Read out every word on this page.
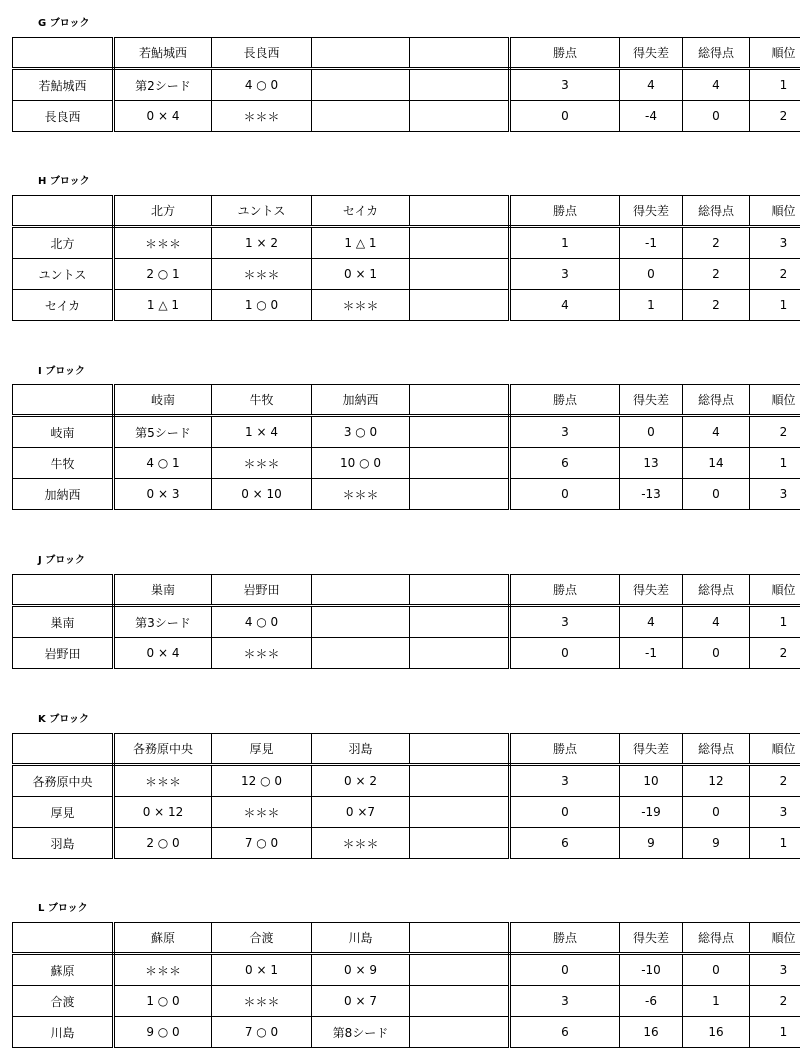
G ブロック
	若鮎城西	長良西			勝点	得失差	総得点	順位
若鮎城西	第2シード	4 ○ 0			3	4	4	1
長良西	0 × 4	＊＊＊			0	-4	0	2
H ブロック
	北方	ユントス	セイカ		勝点	得失差	総得点	順位
北方	＊＊＊	1 × 2	1 △ 1		1	-1	2	3
ユントス	2 ○ 1	＊＊＊	0 × 1		3	0	2	2
セイカ	1 △ 1	1 ○ 0	＊＊＊		4	1	2	1
I ブロック
	岐南	牛牧	加納西		勝点	得失差	総得点	順位
岐南	第5シード	1 × 4	3 ○ 0		3	0	4	2
牛牧	4 ○ 1	＊＊＊	10 ○ 0		6	13	14	1
加納西	0 × 3	0 × 10	＊＊＊		0	-13	0	3
J ブロック
	巣南	岩野田			勝点	得失差	総得点	順位
巣南	第3シード	4 ○ 0			3	4	4	1
岩野田	0 × 4	＊＊＊			0	-1	0	2
K ブロック
	各務原中央	厚見	羽島		勝点	得失差	総得点	順位
各務原中央	＊＊＊	12 ○ 0	0 × 2		3	10	12	2
厚見	0 × 12	＊＊＊	0 ×7		0	-19	0	3
羽島	2 ○ 0	7 ○ 0	＊＊＊		6	9	9	1
L ブロック
	蘇原	合渡	川島		勝点	得失差	総得点	順位
蘇原	＊＊＊	0 × 1	0 × 9		0	-10	0	3
合渡	1 ○ 0	＊＊＊	0 × 7		3	-6	1	2
川島	9 ○ 0	7 ○ 0	第8シード		6	16	16	1
